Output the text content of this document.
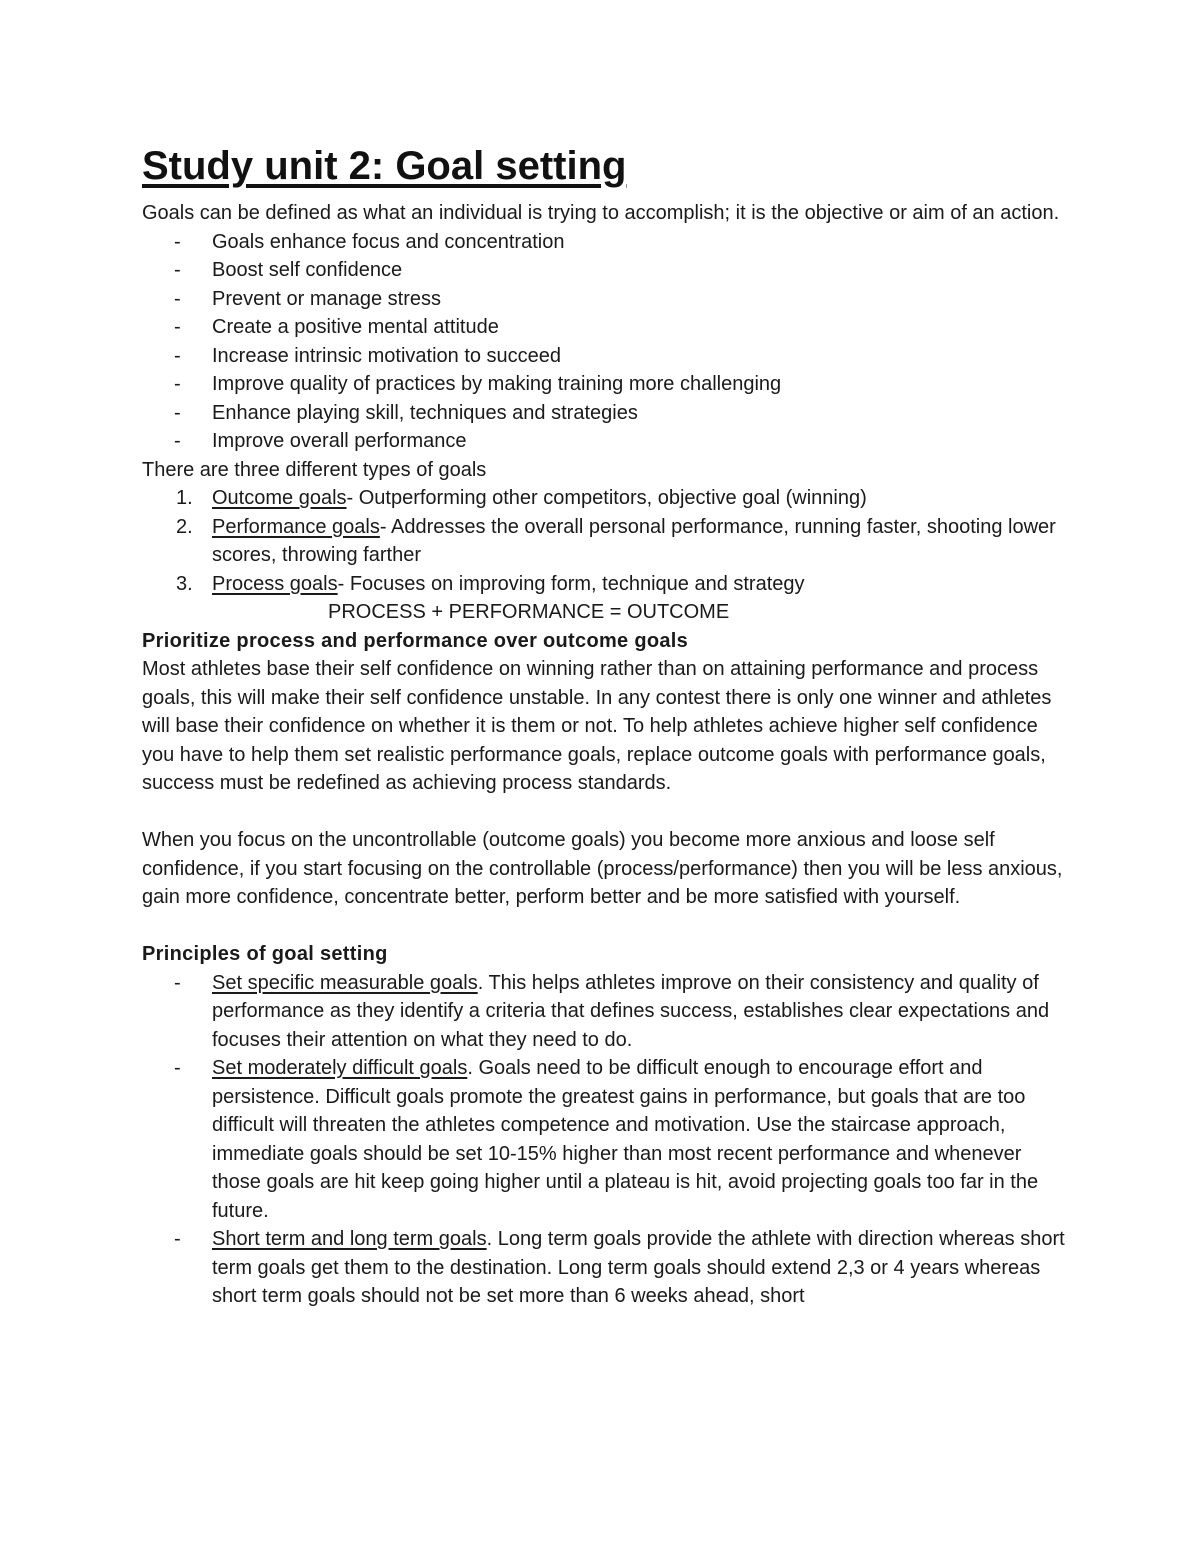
Study unit 2: Goal setting

Goals can be defined as what an individual is trying to accomplish; it is the objective or aim of an action.

- Goals enhance focus and concentration
- Boost self confidence
- Prevent or manage stress
- Create a positive mental attitude
- Increase intrinsic motivation to succeed
- Improve quality of practices by making training more challenging
- Enhance playing skill, techniques and strategies
- Improve overall performance

There are three different types of goals

1. Outcome goals- Outperforming other competitors, objective goal (winning)
2. Performance goals- Addresses the overall personal performance, running faster, shooting lower scores, throwing farther
3. Process goals- Focuses on improving form, technique and strategy

PROCESS + PERFORMANCE = OUTCOME

Prioritize process and performance over outcome goals

Most athletes base their self confidence on winning rather than on attaining performance and process goals, this will make their self confidence unstable. In any contest there is only one winner and athletes will base their confidence on whether it is them or not. To help athletes achieve higher self confidence you have to help them set realistic performance goals, replace outcome goals with performance goals, success must be redefined as achieving process standards.

When you focus on the uncontrollable (outcome goals) you become more anxious and loose self confidence, if you start focusing on the controllable (process/performance) then you will be less anxious, gain more confidence, concentrate better, perform better and be more satisfied with yourself.

Principles of goal setting

- Set specific measurable goals. This helps athletes improve on their consistency and quality of performance as they identify a criteria that defines success, establishes clear expectations and focuses their attention on what they need to do.
- Set moderately difficult goals. Goals need to be difficult enough to encourage effort and persistence. Difficult goals promote the greatest gains in performance, but goals that are too difficult will threaten the athletes competence and motivation. Use the staircase approach, immediate goals should be set 10-15% higher than most recent performance and whenever those goals are hit keep going higher until a plateau is hit, avoid projecting goals too far in the future.
- Short term and long term goals. Long term goals provide the athlete with direction whereas short term goals get them to the destination. Long term goals should extend 2,3 or 4 years whereas short term goals should not be set more than 6 weeks ahead, short
